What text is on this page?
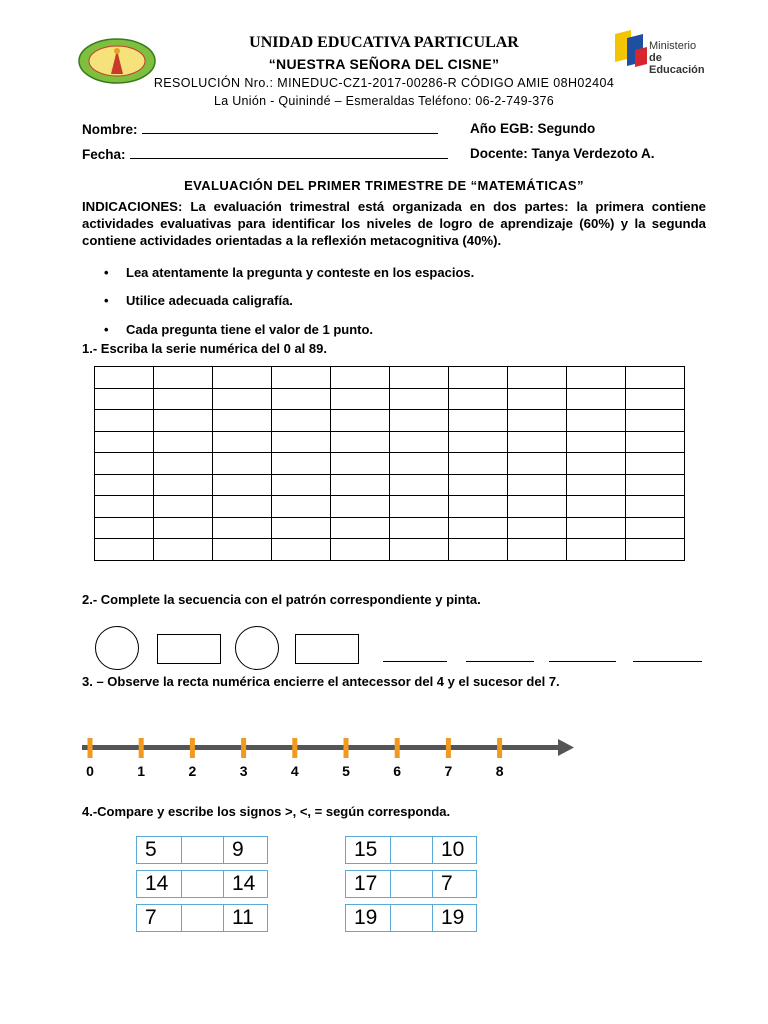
UNIDAD EDUCATIVA PARTICULAR
“NUESTRA SEÑORA DEL CISNE”
RESOLUCIÓN Nro.: MINEDUC-CZ1-2017-00286-R CÓDIGO AMIE 08H02404
La Unión - Quinindé – Esmeraldas Teléfono: 06-2-749-376
Ministerio
de Educación
Nombre:	Año EGB: Segundo
Fecha:	Docente: Tanya Verdezoto A.
EVALUACIÓN DEL PRIMER TRIMESTRE DE “MATEMÁTICAS”
INDICACIONES: La evaluación trimestral está organizada en dos partes: la primera contiene actividades evaluativas para identificar los niveles de logro de aprendizaje (60%) y la segunda contiene actividades orientadas a la reflexión metacognitiva (40%).
• Lea atentamente la pregunta y conteste en los espacios.
• Utilice adecuada caligrafía.
• Cada pregunta tiene el valor de 1 punto.
1.- Escriba la serie numérica del 0 al 89.

2.- Complete la secuencia con el patrón correspondiente y pinta.
3. – Observe la recta numérica encierre el antecessor del 4 y el sucesor del 7.
0	1	2	3	4	5	6	7	8
4.-Compare y escribe los signos >, <, = según corresponda.
5	9
14	14
7	11
15	10
17	7
19	19
